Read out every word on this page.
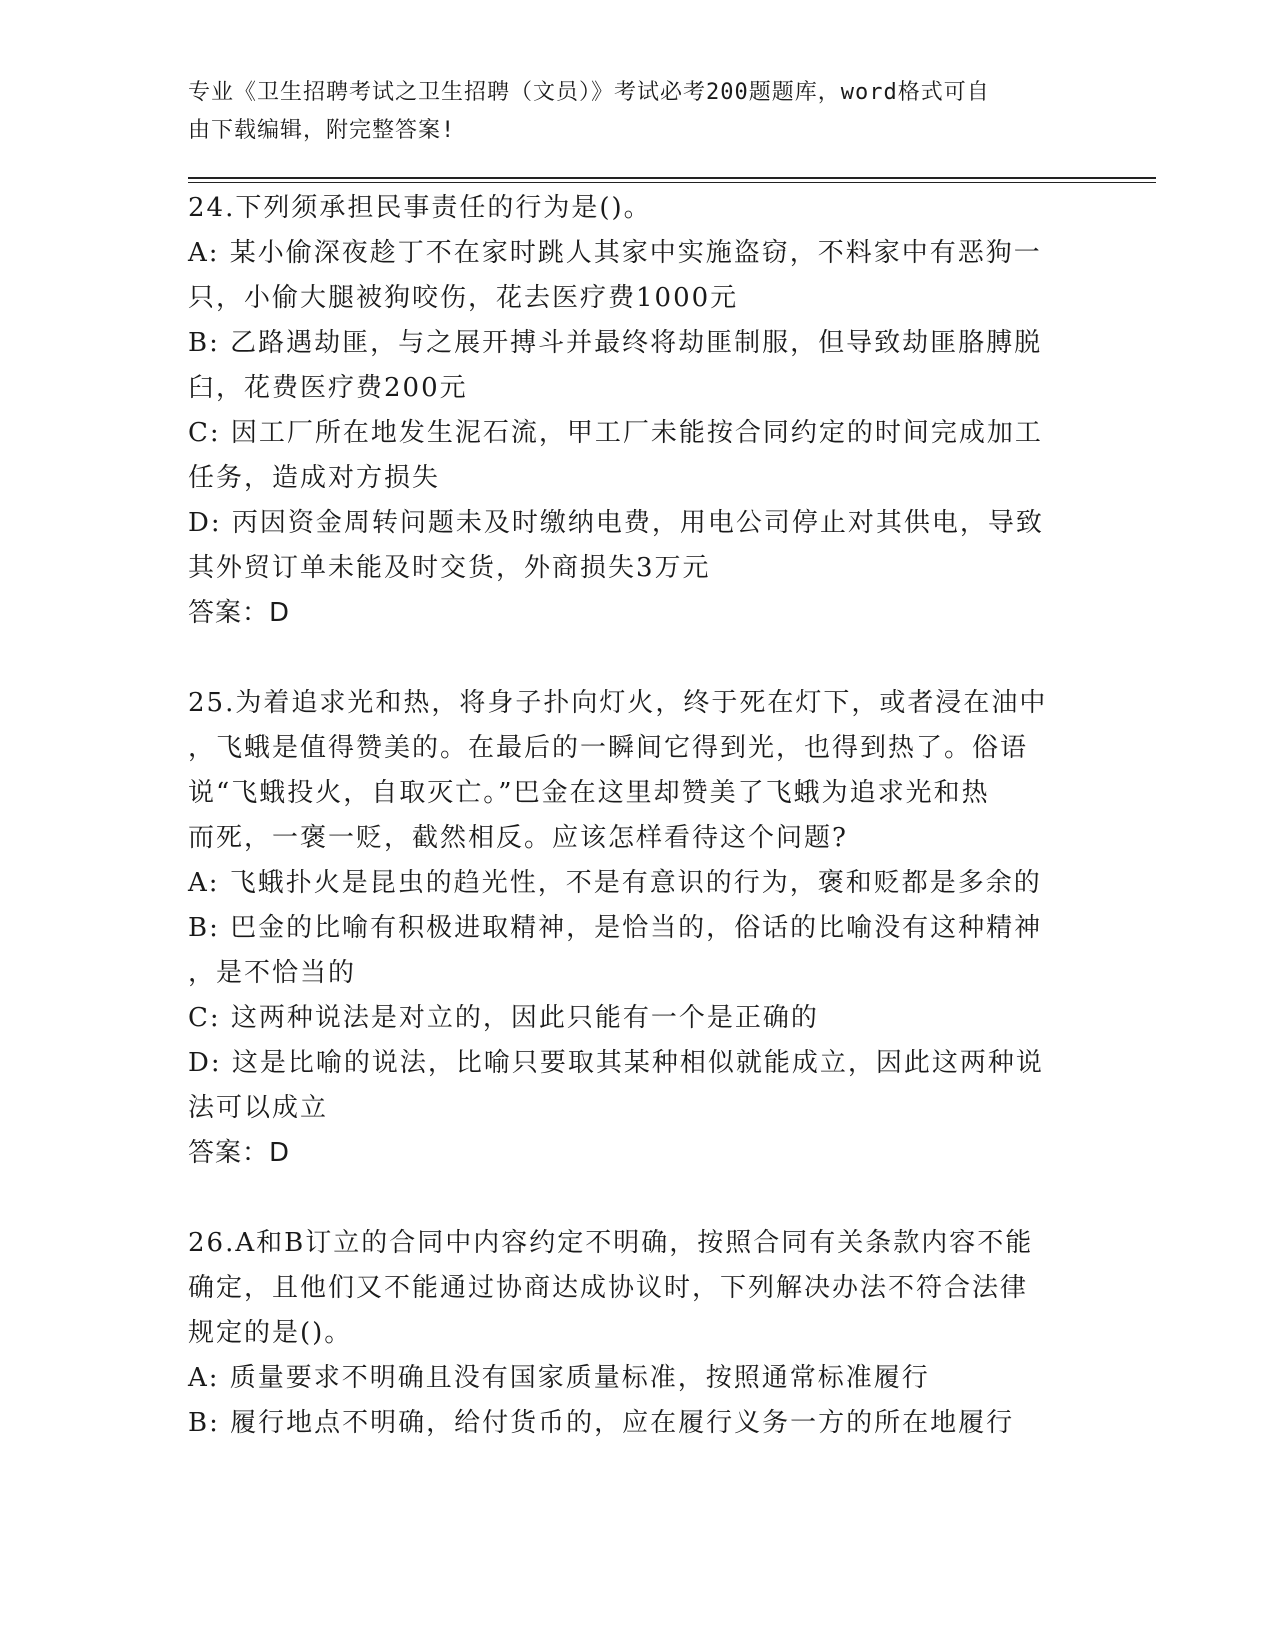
专业《卫生招聘考试之卫生招聘（文员）》考试必考200题题库，word格式可自
由下载编辑，附完整答案!

24.下列须承担民事责任的行为是()。

A: 某小偷深夜趁丁不在家时跳人其家中实施盗窃，不料家中有恶狗一

只，小偷大腿被狗咬伤，花去医疗费1000元

B: 乙路遇劫匪，与之展开搏斗并最终将劫匪制服，但导致劫匪胳膊脱

臼，花费医疗费200元

C: 因工厂所在地发生泥石流，甲工厂未能按合同约定的时间完成加工

任务，造成对方损失

D: 丙因资金周转问题未及时缴纳电费，用电公司停止对其供电，导致

其外贸订单未能及时交货，外商损失3万元

答案：D

25.为着追求光和热，将身子扑向灯火，终于死在灯下，或者浸在油中

，飞蛾是值得赞美的。在最后的一瞬间它得到光，也得到热了。俗语

说“飞蛾投火，自取灭亡。”巴金在这里却赞美了飞蛾为追求光和热

而死，一褒一贬，截然相反。应该怎样看待这个问题?

A: 飞蛾扑火是昆虫的趋光性，不是有意识的行为，褒和贬都是多余的

B: 巴金的比喻有积极进取精神，是恰当的，俗话的比喻没有这种精神

，是不恰当的

C: 这两种说法是对立的，因此只能有一个是正确的

D: 这是比喻的说法，比喻只要取其某种相似就能成立，因此这两种说

法可以成立

答案：D

26.A和B订立的合同中内容约定不明确，按照合同有关条款内容不能

确定，且他们又不能通过协商达成协议时，下列解决办法不符合法律

规定的是()。

A: 质量要求不明确且没有国家质量标准，按照通常标准履行

B: 履行地点不明确，给付货币的，应在履行义务一方的所在地履行
